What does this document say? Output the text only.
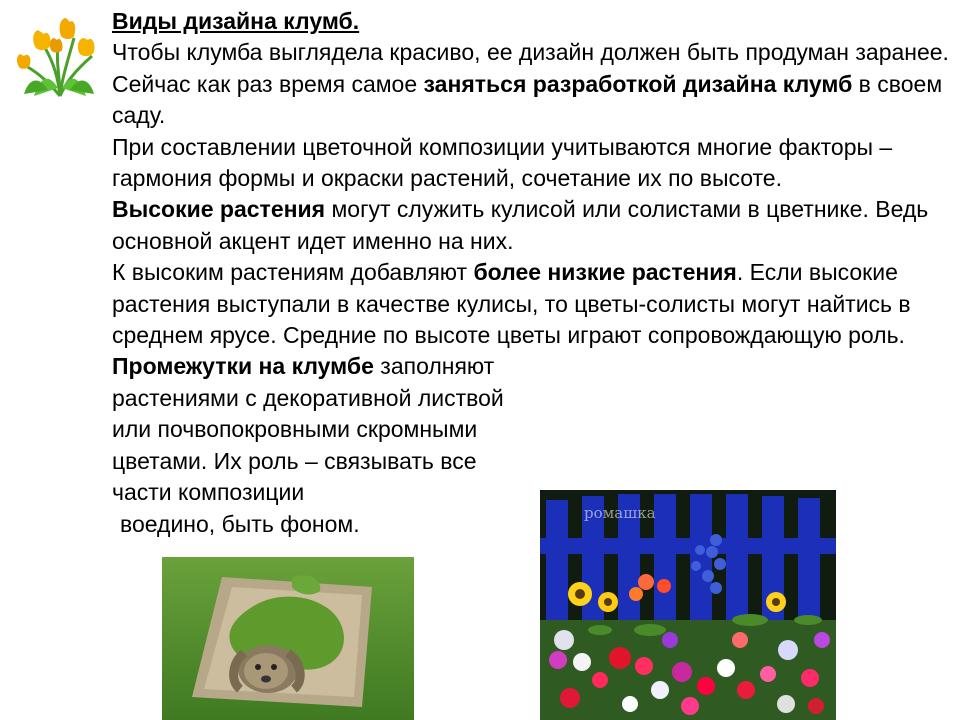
Виды дизайна клумб.

Чтобы клумба выглядела красиво, ее дизайн должен быть продуман заранее. Сейчас как раз время самое заняться разработкой дизайна клумб в своем саду.

При составлении цветочной композиции учитываются многие факторы – гармония формы и окраски растений, сочетание их по высоте.

Высокие растения могут служить кулисой или солистами в цветнике. Ведь основной акцент идет именно на них.

К высоким растениям добавляют более низкие растения. Если высокие растения выступали в качестве кулисы, то цветы-солисты могут найтись в среднем ярусе. Средние по высоте цветы играют сопровождающую роль.

Промежутки на клумбе заполняют растениями с декоративной листвой или почвопокровными скромными цветами. Их роль – связывать все части композиции

воедино, быть фоном.	ромашка
